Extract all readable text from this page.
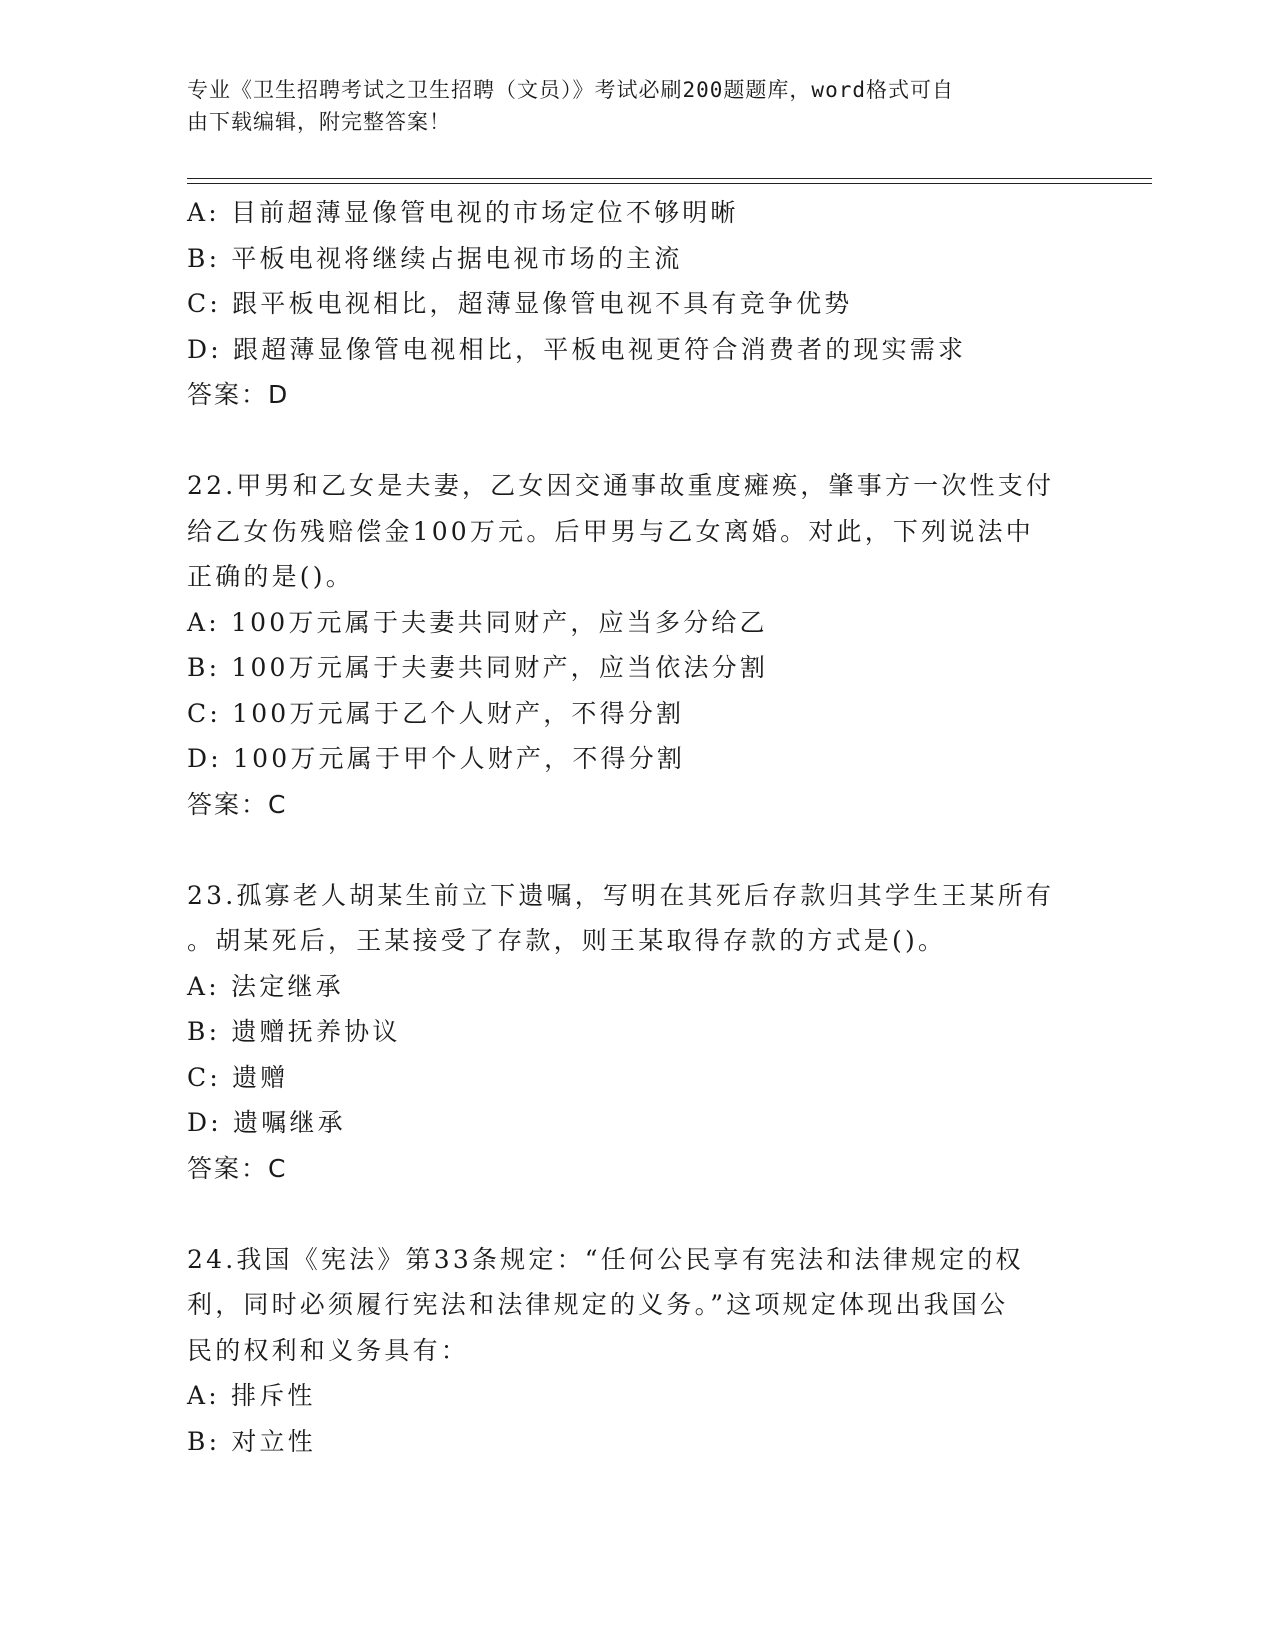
专业《卫生招聘考试之卫生招聘（文员）》考试必刷200题题库，word格式可自
由下载编辑，附完整答案！
A: 目前超薄显像管电视的市场定位不够明晰
B: 平板电视将继续占据电视市场的主流
C: 跟平板电视相比，超薄显像管电视不具有竞争优势
D: 跟超薄显像管电视相比，平板电视更符合消费者的现实需求
答案：D
22.甲男和乙女是夫妻，乙女因交通事故重度瘫痪，肇事方一次性支付
给乙女伤残赔偿金100万元。后甲男与乙女离婚。对此，下列说法中
正确的是()。
A: 100万元属于夫妻共同财产，应当多分给乙
B: 100万元属于夫妻共同财产，应当依法分割
C: 100万元属于乙个人财产，不得分割
D: 100万元属于甲个人财产，不得分割
答案：C
23.孤寡老人胡某生前立下遗嘱，写明在其死后存款归其学生王某所有
。胡某死后，王某接受了存款，则王某取得存款的方式是()。
A: 法定继承
B: 遗赠抚养协议
C: 遗赠
D: 遗嘱继承
答案：C
24.我国《宪法》第33条规定：“任何公民享有宪法和法律规定的权
利，同时必须履行宪法和法律规定的义务。”这项规定体现出我国公
民的权利和义务具有：
A: 排斥性
B: 对立性
